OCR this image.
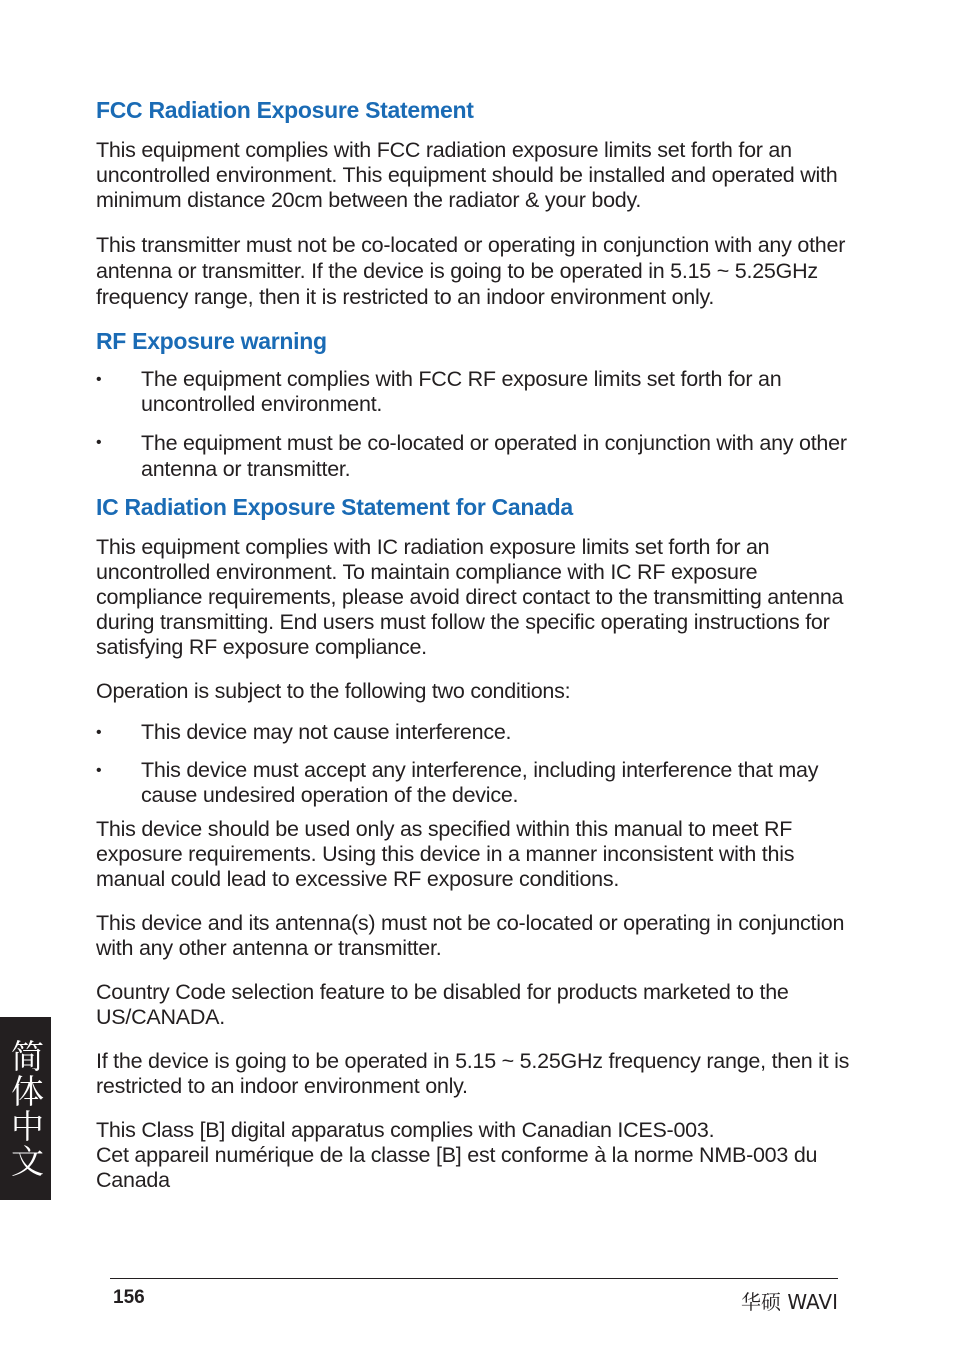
FCC Radiation Exposure Statement

This equipment complies with FCC radiation exposure limits set forth for an uncontrolled environment. This equipment should be installed and operated with minimum distance 20cm between the radiator & your body.

This transmitter must not be co-located or operating in conjunction with any other antenna or transmitter. If the device is going to be operated in 5.15 ~ 5.25GHz frequency range, then it is restricted to an indoor environment only.

RF Exposure warning
• The equipment complies with FCC RF exposure limits set forth for an uncontrolled environment.
• The equipment must be co-located or operated in conjunction with any other antenna or transmitter.
IC Radiation Exposure Statement for Canada

This equipment complies with IC radiation exposure limits set forth for an uncontrolled environment. To maintain compliance with IC RF exposure compliance requirements, please avoid direct contact to the transmitting antenna during transmitting. End users must follow the specific operating instructions for satisfying RF exposure compliance.

Operation is subject to the following two conditions:

• This device may not cause interference.
• This device must accept any interference, including interference that may cause undesired operation of the device.

This device should be used only as specified within this manual to meet RF exposure requirements. Using this device in a manner inconsistent with this manual could lead to excessive RF exposure conditions.

This device and its antenna(s) must not be co-located or operating in conjunction with any other antenna or transmitter.

Country Code selection feature to be disabled for products marketed to the US/CANADA.

If the device is going to be operated in 5.15 ~ 5.25GHz frequency range, then it is restricted to an indoor environment only.

This Class [B] digital apparatus complies with Canadian ICES-003.
Cet appareil numérique de la classe [B] est conforme à la norme NMB-003 du Canada

简体中文
156	华硕 WAVI
